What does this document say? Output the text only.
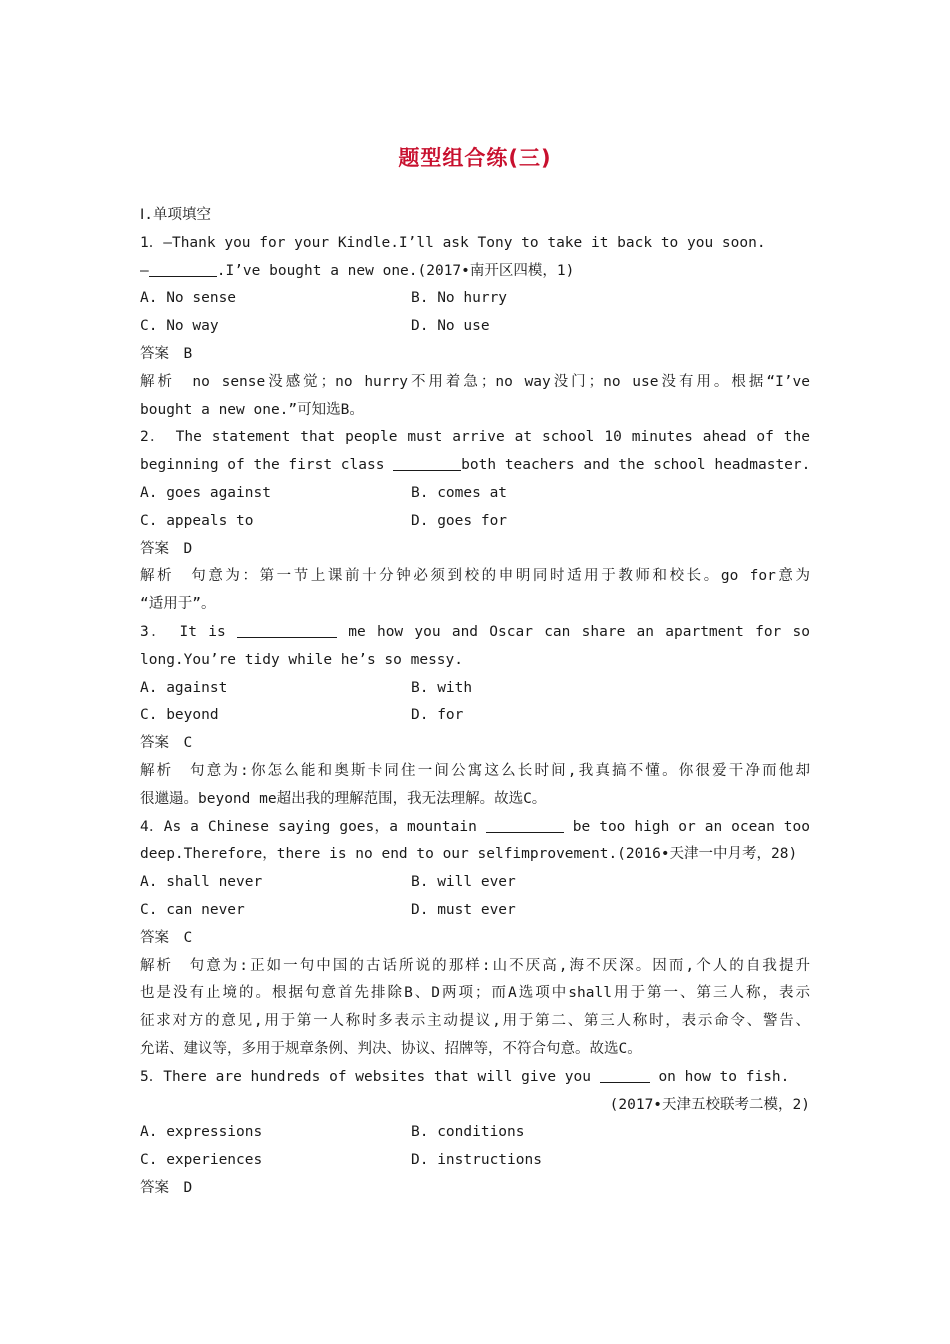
题型组合练(三)
Ⅰ.单项填空
1．—Thank you for your Kindle.I’ll ask Tony to take it back to you soon.
—	.I’ve bought a new one.(2017•南开区四模，1)
A. No sense	B. No hurry
C. No way	D. No use
答案　B
解析　no sense没感觉；no hurry不用着急；no way没门；no use没有用。根据“I’ve
bought a new one.”可知选B。
2． The statement that people must arrive at school 10 minutes ahead of the
beginning of the first class	both teachers and the school headmaster.
A. goes against	B. comes at
C. appeals to	D. goes for
答案　D
解析　句意为：第一节上课前十分钟必须到校的申明同时适用于教师和校长。go for意为
“适用于”。
3． It is	me how you and Oscar can share an apartment for so
long.You’re tidy while he’s so messy.
A. against	B. with
C. beyond	D. for
答案　C
解析　句意为:你怎么能和奥斯卡同住一间公寓这么长时间,我真搞不懂。你很爱干净而他却
很邋遢。beyond me超出我的理解范围，我无法理解。故选C。
4．As a Chinese saying goes，a mountain	be too high or an ocean too
deep.Therefore，there is no end to our selfimprovement.(2016•天津一中月考，28)
A. shall never	B. will ever
C. can never	D. must ever
答案　C
解析　句意为:正如一句中国的古话所说的那样:山不厌高,海不厌深。因而,个人的自我提升
也是没有止境的。根据句意首先排除B、D两项；而A选项中shall用于第一、第三人称，表示
征求对方的意见,用于第一人称时多表示主动提议,用于第二、第三人称时，表示命令、警告、
允诺、建议等，多用于规章条例、判决、协议、招牌等，不符合句意。故选C。
5．There are hundreds of websites that will give you	on how to fish.
(2017•天津五校联考二模，2)
A. expressions	B. conditions
C. experiences	D. instructions
答案　D
